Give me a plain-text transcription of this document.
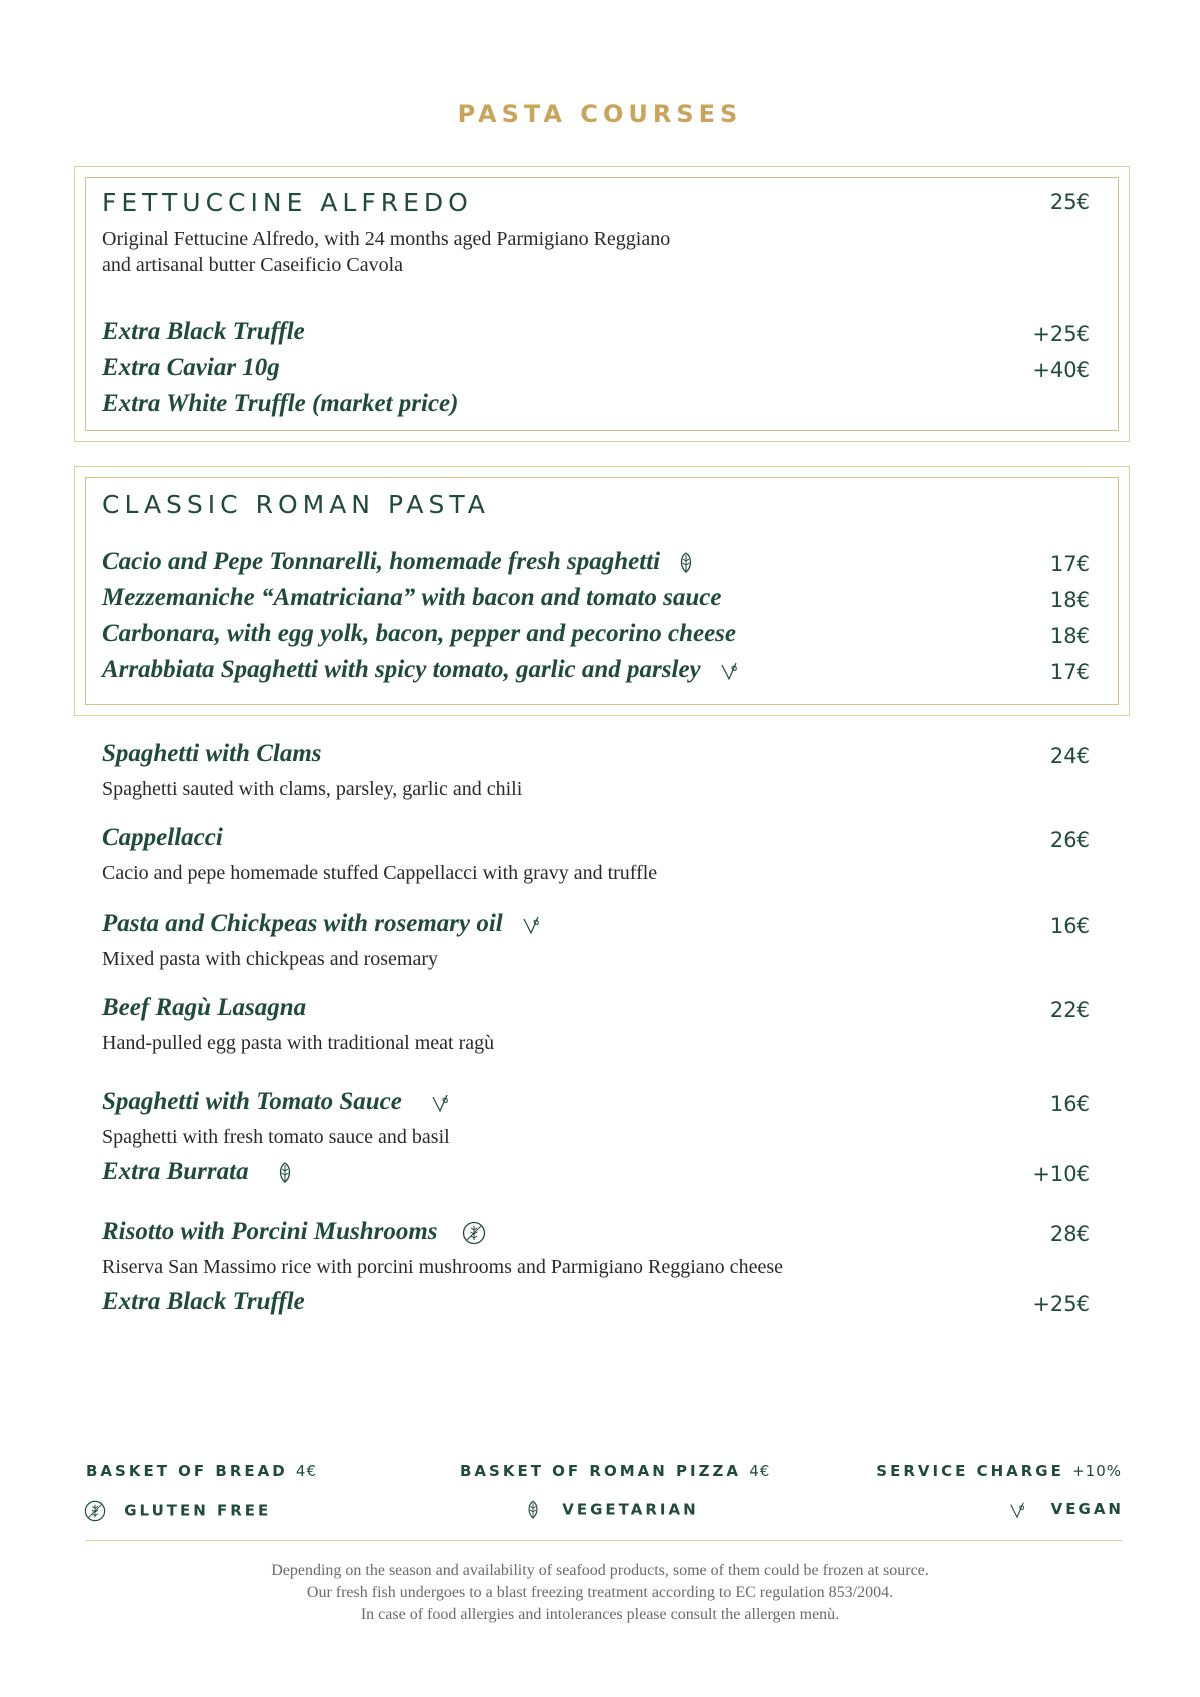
PASTA COURSES
FETTUCCINE ALFREDO	25€
Original Fettucine Alfredo, with 24 months aged Parmigiano Reggiano
and artisanal butter Caseificio Cavola
Extra Black Truffle	+25€
Extra Caviar 10g	+40€
Extra White Truffle (market price)
CLASSIC ROMAN PASTA
Cacio and Pepe Tonnarelli, homemade fresh spaghetti	17€
Mezzemaniche “Amatriciana” with bacon and tomato sauce	18€
Carbonara, with egg yolk, bacon, pepper and pecorino cheese	18€
Arrabbiata Spaghetti with spicy tomato, garlic and parsley	17€
Spaghetti with Clams	24€
Spaghetti sauted with clams, parsley, garlic and chili
Cappellacci	26€
Cacio and pepe homemade stuffed Cappellacci with gravy and truffle
Pasta and Chickpeas with rosemary oil	16€
Mixed pasta with chickpeas and rosemary
Beef Ragù Lasagna	22€
Hand-pulled egg pasta with traditional meat ragù
Spaghetti with Tomato Sauce	16€
Spaghetti with fresh tomato sauce and basil
Extra Burrata	+10€
Risotto with Porcini Mushrooms	28€
Riserva San Massimo rice with porcini mushrooms and Parmigiano Reggiano cheese
Extra Black Truffle	+25€
BASKET OF BREAD 4€	BASKET OF ROMAN PIZZA 4€	SERVICE CHARGE +10%
GLUTEN FREE	VEGETARIAN	VEGAN
Depending on the season and availability of seafood products, some of them could be frozen at source.
Our fresh fish undergoes to a blast freezing treatment according to EC regulation 853/2004.
In case of food allergies and intolerances please consult the allergen menù.
